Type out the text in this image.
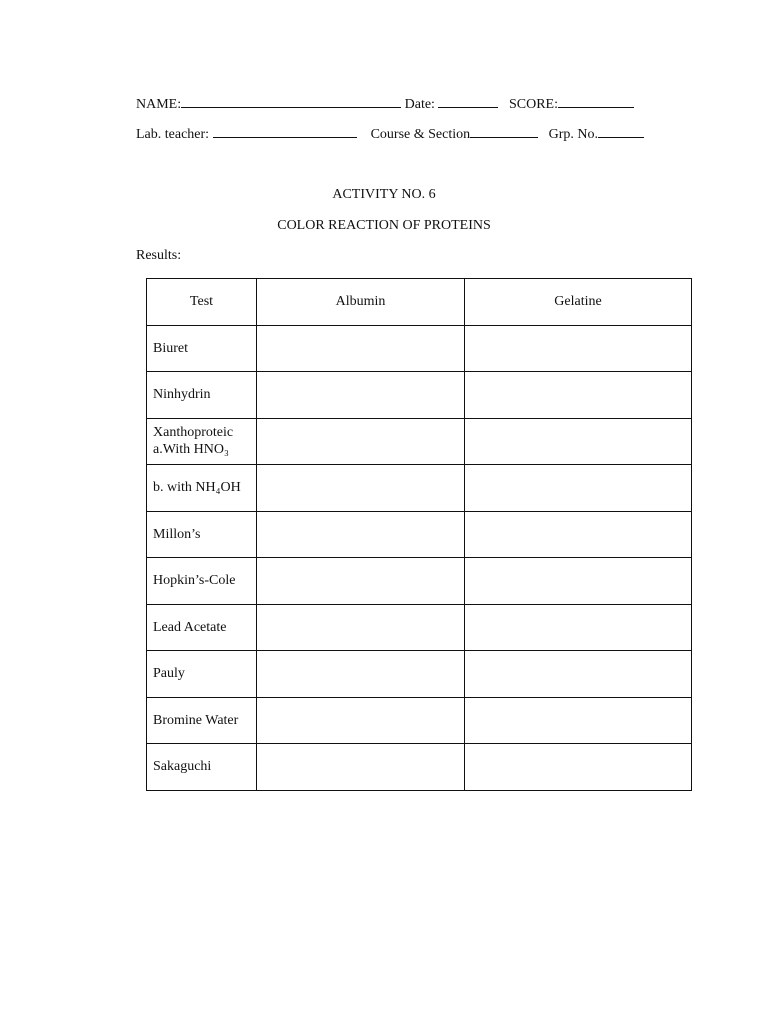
NAME:	Date:	SCORE:
Lab. teacher:	Course & Section	Grp. No.
ACTIVITY NO. 6
COLOR REACTION OF PROTEINS
Results:
Test	Albumin	Gelatine
Biuret		
Ninhydrin		

Xanthoproteic
a.With HNO₃		

b. with NH₄OH		
Millon’s		
Hopkin’s-Cole		
Lead Acetate		
Pauly		
Bromine Water		
Sakaguchi		
